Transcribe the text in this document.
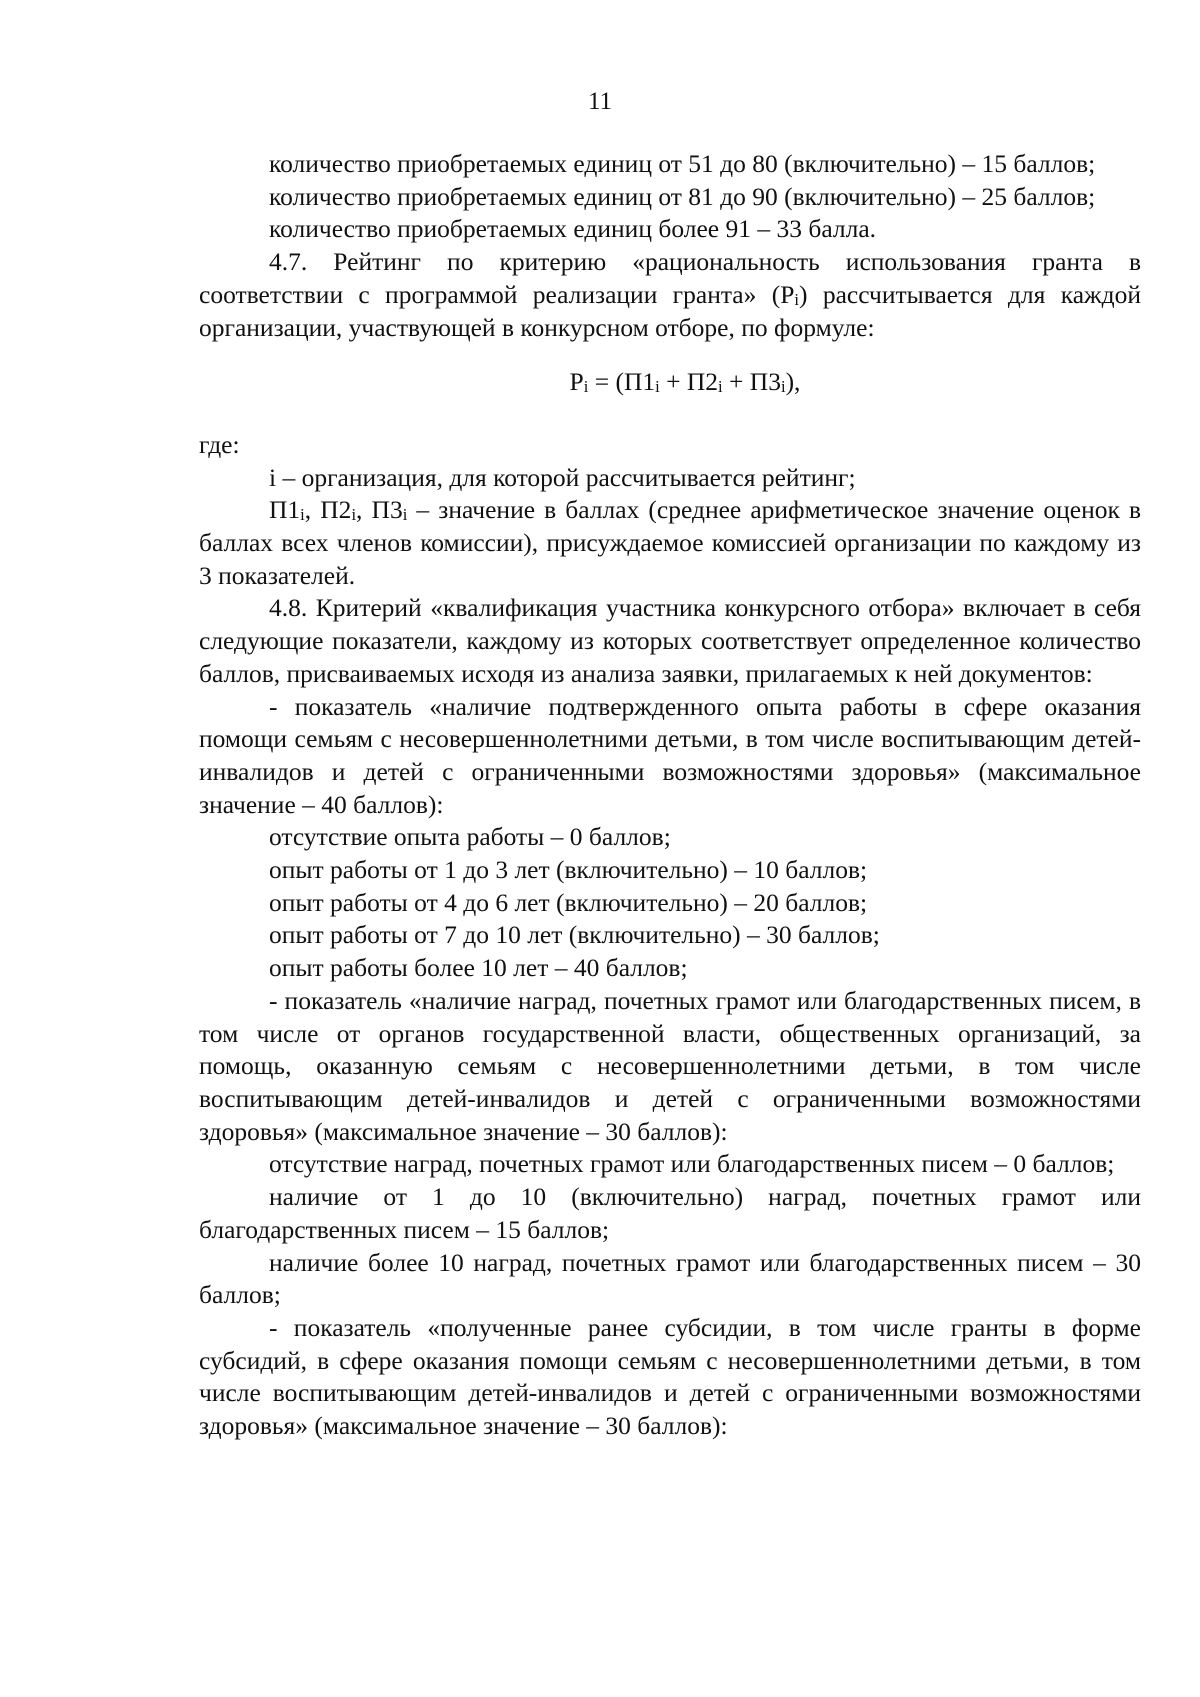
11

количество приобретаемых единиц от 51 до 80 (включительно) – 15 баллов;

количество приобретаемых единиц от 81 до 90 (включительно) – 25 баллов;

количество приобретаемых единиц более 91 – 33 балла.

4.7. Рейтинг по критерию «рациональность использования гранта в соответствии с программой реализации гранта» $(P_i)$ рассчитывается для каждой организации, участвующей в конкурсном отборе, по формуле:

$P_i = (П1_i + П2_i + П3_i)$,

где:

i – организация, для которой рассчитывается рейтинг;

$П1_i$, $П2_i$, $П3_i$ – значение в баллах (среднее арифметическое значение оценок в баллах всех членов комиссии), присуждаемое комиссией организации по каждому из 3 показателей.

4.8. Критерий «квалификация участника конкурсного отбора» включает в себя следующие показатели, каждому из которых соответствует определенное количество баллов, присваиваемых исходя из анализа заявки, прилагаемых к ней документов:

- показатель «наличие подтвержденного опыта работы в сфере оказания помощи семьям с несовершеннолетними детьми, в том числе воспитывающим детей-инвалидов и детей с ограниченными возможностями здоровья» (максимальное значение – 40 баллов):

отсутствие опыта работы – 0 баллов;

опыт работы от 1 до 3 лет (включительно) – 10 баллов;

опыт работы от 4 до 6 лет (включительно) – 20 баллов;

опыт работы от 7 до 10 лет (включительно) – 30 баллов;

опыт работы более 10 лет – 40 баллов;

- показатель «наличие наград, почетных грамот или благодарственных писем, в том числе от органов государственной власти, общественных организаций, за помощь, оказанную семьям с несовершеннолетними детьми, в том числе воспитывающим детей-инвалидов и детей с ограниченными возможностями здоровья» (максимальное значение – 30 баллов):

отсутствие наград, почетных грамот или благодарственных писем – 0 баллов;

наличие от 1 до 10 (включительно) наград, почетных грамот или благодарственных писем – 15 баллов;

наличие более 10 наград, почетных грамот или благодарственных писем – 30 баллов;

- показатель «полученные ранее субсидии, в том числе гранты в форме субсидий, в сфере оказания помощи семьям с несовершеннолетними детьми, в том числе воспитывающим детей-инвалидов и детей с ограниченными возможностями здоровья» (максимальное значение – 30 баллов):
